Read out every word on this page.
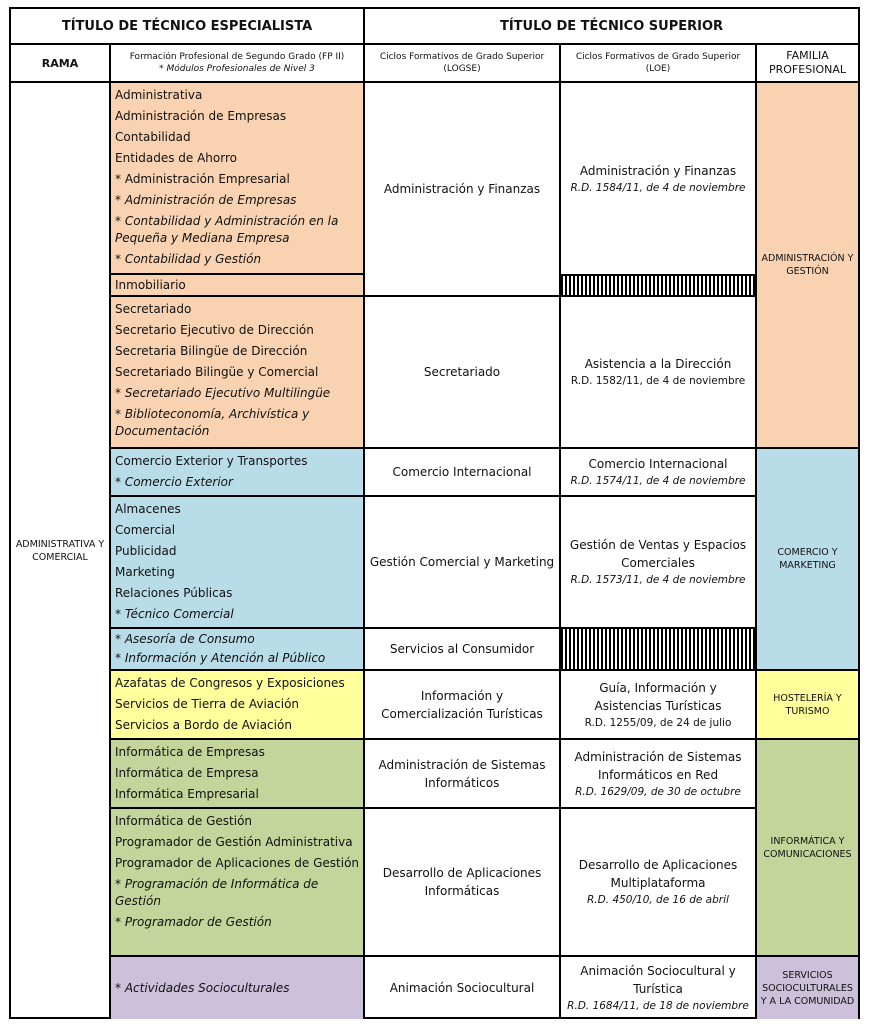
TÍTULO DE TÉCNICO ESPECIALISTA	TÍTULO DE TÉCNICO SUPERIOR
RAMA	Formación Profesional de Segundo Grado (FP II)
* Módulos Profesionales de Nivel 3
Ciclos Formativos de Grado Superior
(LOGSE)
Ciclos Formativos de Grado Superior
(LOE)
FAMILIA PROFESIONAL
ADMINISTRATIVA Y COMERCIAL
Administrativa
Administración de Empresas
Contabilidad
Entidades de Ahorro
* Administración Empresarial
* Administración de Empresas
* Contabilidad y Administración en la Pequeña y Mediana Empresa
* Contabilidad y Gestión
Inmobiliario
Secretariado
Secretario Ejecutivo de Dirección
Secretaria Bilingüe de Dirección
Secretariado Bilingüe y Comercial
* Secretariado Ejecutivo Multilingüe
* Biblioteconomía, Archivística y Documentación
Comercio Exterior y Transportes
* Comercio Exterior
Almacenes
Comercial
Publicidad
Marketing
Relaciones Públicas
* Técnico Comercial
* Asesoría de Consumo
* Información y Atención al Público
Azafatas de Congresos y Exposiciones
Servicios de Tierra de Aviación
Servicios a Bordo de Aviación
Informática de Empresas
Informática de Empresa
Informática Empresarial
Informática de Gestión
Programador de Gestión Administrativa
Programador de Aplicaciones de Gestión
* Programación de Informática de Gestión
* Programador de Gestión
* Actividades Socioculturales
Administración y Finanzas
Secretariado
Comercio Internacional
Gestión Comercial y Marketing
Servicios al Consumidor
Información y Comercialización Turísticas
Administración de Sistemas Informáticos
Desarrollo de Aplicaciones Informáticas
Animación Sociocultural
Administración y Finanzas
R.D. 1584/11, de 4 de noviembre
Asistencia a la Dirección
R.D. 1582/11, de 4 de noviembre
Comercio Internacional
R.D. 1574/11, de 4 de noviembre
Gestión de Ventas y Espacios Comerciales
R.D. 1573/11, de 4 de noviembre
Guía, Información y Asistencias Turísticas
R.D. 1255/09, de 24 de julio
Administración de Sistemas Informáticos en Red
R.D. 1629/09, de 30 de octubre
Desarrollo de Aplicaciones Multiplataforma
R.D. 450/10, de 16 de abril
Animación Sociocultural y Turística
R.D. 1684/11, de 18 de noviembre
ADMINISTRACIÓN Y GESTIÓN
COMERCIO Y MARKETING
HOSTELERÍA Y TURISMO
INFORMÁTICA Y COMUNICACIONES
SERVICIOS SOCIOCULTURALES Y A LA COMUNIDAD
